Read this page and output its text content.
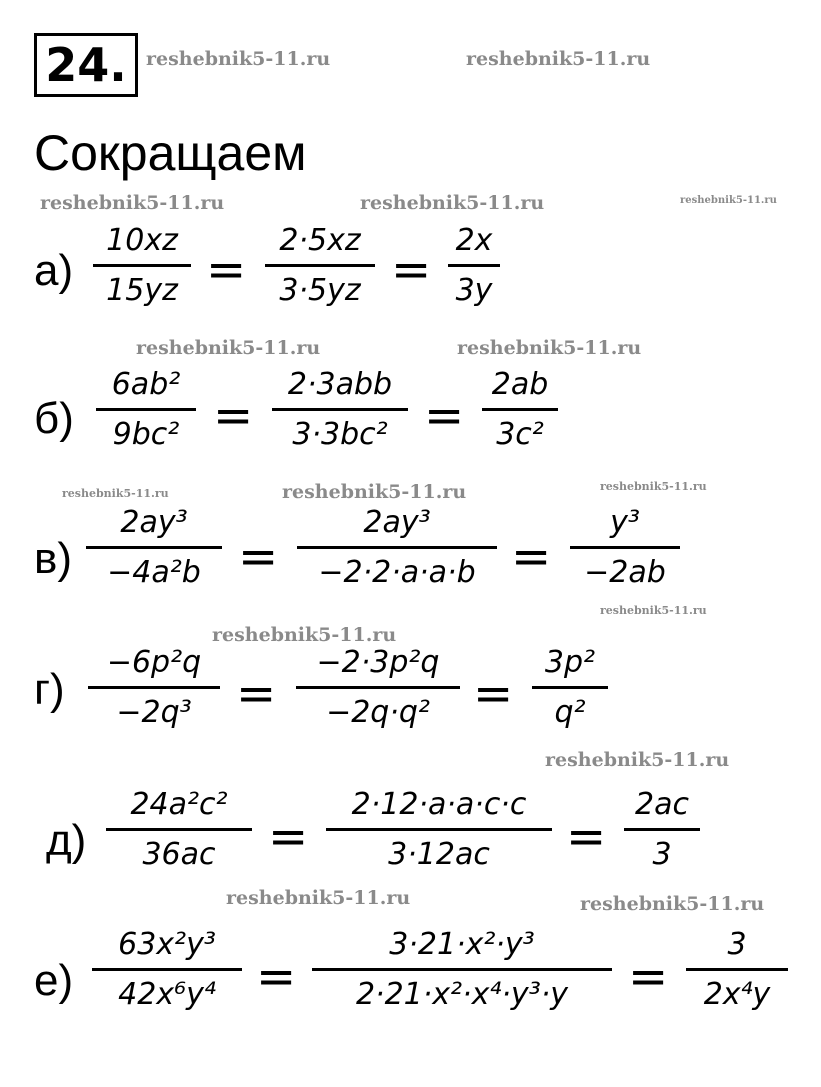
24.
Сокращаем
reshebnik5-11.ru	reshebnik5-11.ru
reshebnik5-11.ru	reshebnik5-11.ru	reshebnik5-11.ru
reshebnik5-11.ru	reshebnik5-11.ru
reshebnik5-11.ru	reshebnik5-11.ru	reshebnik5-11.ru
reshebnik5-11.ru
reshebnik5-11.ru
reshebnik5-11.ru
reshebnik5-11.ru	reshebnik5-11.ru
а)
10xz
15yz =
2·5xz
3·5yz =
2x
3y
б)
6ab²
9bc² =
2·3abb
3·3bc² =
2ab
3c²
в)
2ay³
−4a²b =
2ay³
−2·2·a·a·b =
y³
−2ab
г)
−6p²q
−2q³ =
−2·3p²q
−2q·q² =
3p²
q²
д)
24a²c²
36ac	=
2·12·a·a·c·c
3·12ac	=
2ac
3
е)
63x²y³
42x⁶y⁴ =
3·21·x²·y³
2·21·x²·x⁴·y³·y	=
3
2x⁴y
